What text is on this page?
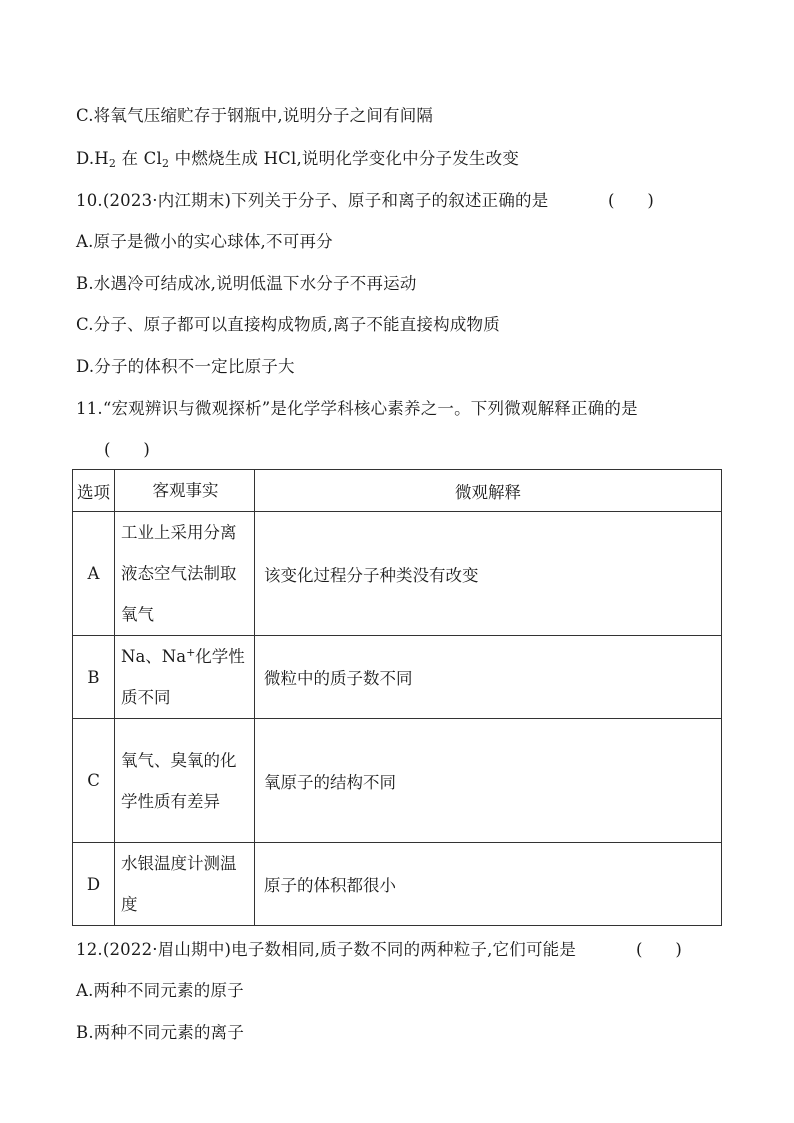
C.将氧气压缩贮存于钢瓶中,说明分子之间有间隔
$D.H_2$ 在 $Cl_2$ 中燃烧生成 HCl,说明化学变化中分子发生改变
10.(2023·内江期末)下列关于分子、原子和离子的叙述正确的是	(　　)
A.原子是微小的实心球体,不可再分
B.水遇冷可结成冰,说明低温下水分子不再运动
C.分子、原子都可以直接构成物质,离子不能直接构成物质
D.分子的体积不一定比原子大
11.“宏观辨识与微观探析”是化学学科核心素养之一。下列微观解释正确的是
(　　)
选项	客观事实	微观解释
A	工业上采用分离液态空气法制取氧气	该变化过程分子种类没有改变
B	Na、Na+化学性质不同	微粒中的质子数不同
C	氧气、臭氧的化学性质有差异	氧原子的结构不同
D	水银温度计测温度	原子的体积都很小
12.(2022·眉山期中)电子数相同,质子数不同的两种粒子,它们可能是	(　　)
A.两种不同元素的原子
B.两种不同元素的离子
